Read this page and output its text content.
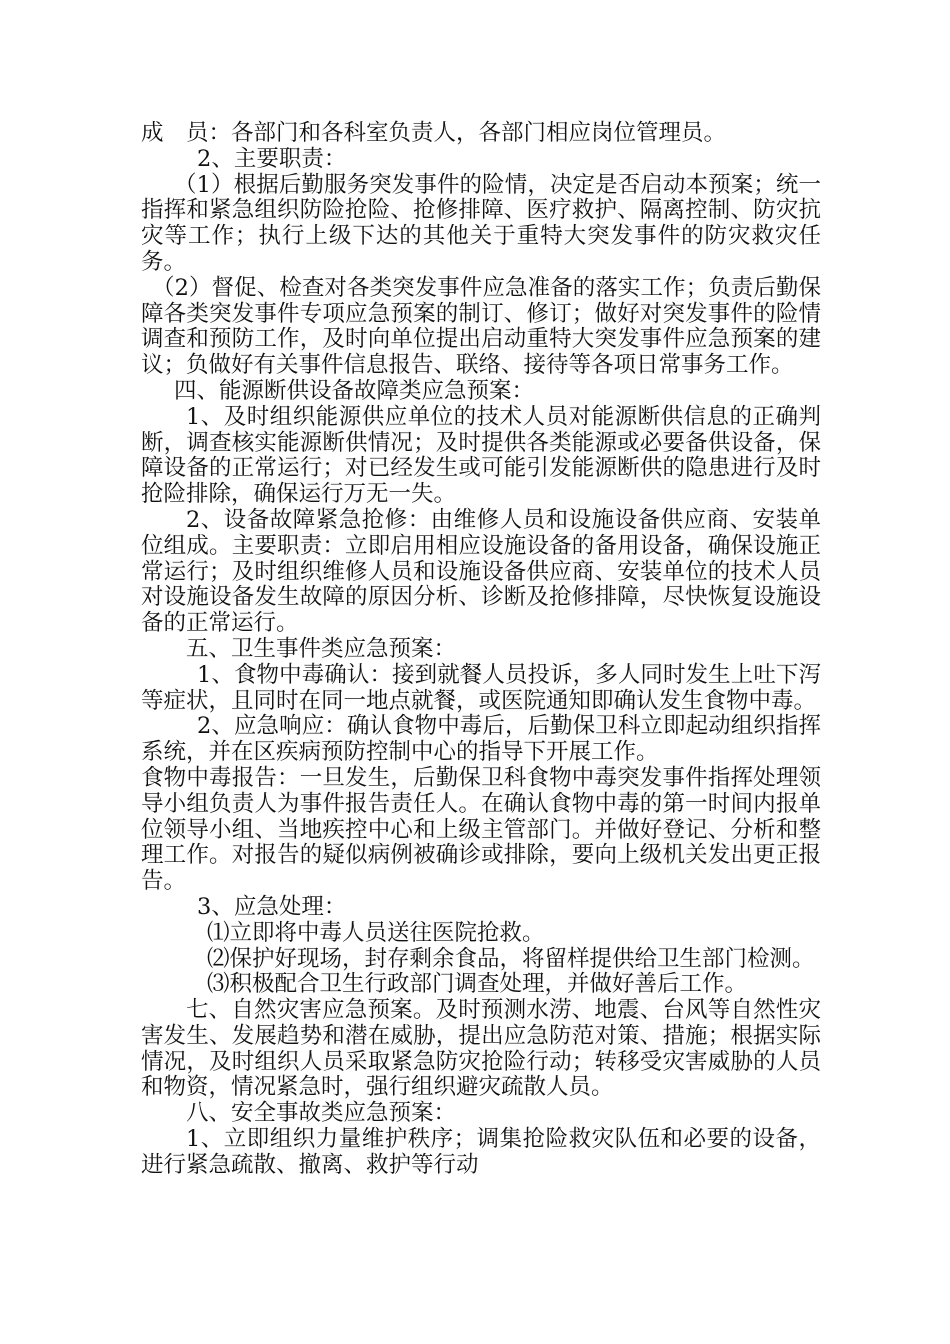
成　员：各部门和各科室负责人，各部门相应岗位管理员。

2、主要职责：

（1）根据后勤服务突发事件的险情，决定是否启动本预案；统一指挥和紧急组织防险抢险、抢修排障、医疗救护、隔离控制、防灾抗灾等工作；执行上级下达的其他关于重特大突发事件的防灾救灾任务。

（2）督促、检查对各类突发事件应急准备的落实工作；负责后勤保障各类突发事件专项应急预案的制订、修订；做好对突发事件的险情调查和预防工作，及时向单位提出启动重特大突发事件应急预案的建议；负做好有关事件信息报告、联络、接待等各项日常事务工作。

四、能源断供设备故障类应急预案：

1、及时组织能源供应单位的技术人员对能源断供信息的正确判断，调查核实能源断供情况；及时提供各类能源或必要备供设备，保障设备的正常运行；对已经发生或可能引发能源断供的隐患进行及时抢险排除，确保运行万无一失。

2、设备故障紧急抢修：由维修人员和设施设备供应商、安装单位组成。主要职责：立即启用相应设施设备的备用设备，确保设施正常运行；及时组织维修人员和设施设备供应商、安装单位的技术人员对设施设备发生故障的原因分析、诊断及抢修排障，尽快恢复设施设备的正常运行。

五、卫生事件类应急预案：

1、食物中毒确认：接到就餐人员投诉，多人同时发生上吐下泻等症状，且同时在同一地点就餐，或医院通知即确认发生食物中毒。

2、应急响应：确认食物中毒后，后勤保卫科立即起动组织指挥系统，并在区疾病预防控制中心的指导下开展工作。

食物中毒报告：一旦发生，后勤保卫科食物中毒突发事件指挥处理领导小组负责人为事件报告责任人。在确认食物中毒的第一时间内报单位领导小组、当地疾控中心和上级主管部门。并做好登记、分析和整理工作。对报告的疑似病例被确诊或排除，要向上级机关发出更正报告。

3、应急处理：

⑴立即将中毒人员送往医院抢救。

⑵保护好现场，封存剩余食品，将留样提供给卫生部门检测。

⑶积极配合卫生行政部门调查处理，并做好善后工作。

七、自然灾害应急预案。及时预测水涝、地震、台风等自然性灾害发生、发展趋势和潜在威胁，提出应急防范对策、措施；根据实际情况，及时组织人员采取紧急防灾抢险行动；转移受灾害威胁的人员和物资，情况紧急时，强行组织避灾疏散人员。

八、安全事故类应急预案：

1、立即组织力量维护秩序；调集抢险救灾队伍和必要的设备，进行紧急疏散、撤离、救护等行动
